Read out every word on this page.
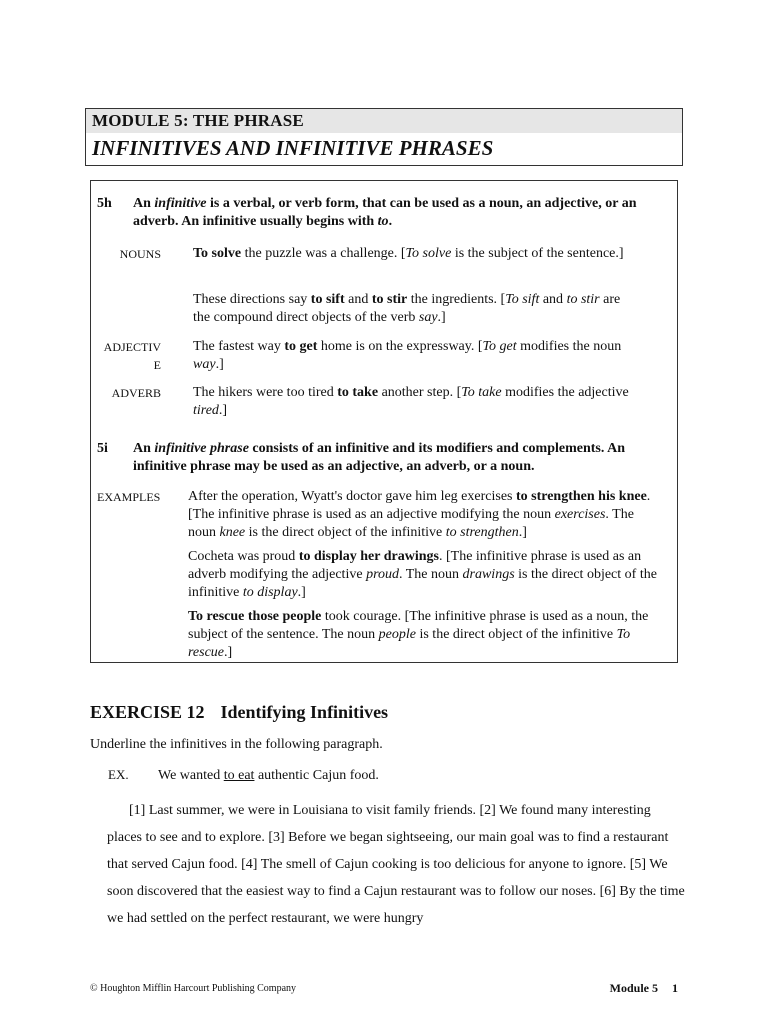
MODULE 5: THE PHRASE
INFINITIVES AND INFINITIVE PHRASES
5h An infinitive is a verbal, or verb form, that can be used as a noun, an adjective, or an adverb. An infinitive usually begins with to.
NOUNS To solve the puzzle was a challenge. [To solve is the subject of the sentence.]
These directions say to sift and to stir the ingredients. [To sift and to stir are the compound direct objects of the verb say.]
ADJECTIV
E
The fastest way to get home is on the expressway. [To get modifies the noun way.]
ADVERB The hikers were too tired to take another step. [To take modifies the adjective tired.]
5i An infinitive phrase consists of an infinitive and its modifiers and complements. An infinitive phrase may be used as an adjective, an adverb, or a noun.
EXAMPLES	After the operation, Wyatt's doctor gave him leg exercises to strengthen his knee. [The infinitive phrase is used as an adjective modifying the noun exercises. The noun knee is the direct object of the infinitive to strengthen.]
Cocheta was proud to display her drawings. [The infinitive phrase is used as an adverb modifying the adjective proud. The noun drawings is the direct object of the infinitive to display.]
To rescue those people took courage. [The infinitive phrase is used as a noun, the subject of the sentence. The noun people is the direct object of the infinitive To rescue.]
EXERCISE 12 Identifying Infinitives
Underline the infinitives in the following paragraph.
EX. We wanted to eat authentic Cajun food.
[1] Last summer, we were in Louisiana to visit family friends. [2] We found many interesting places to see and to explore. [3] Before we began sightseeing, our main goal was to find a restaurant that served Cajun food. [4] The smell of Cajun cooking is too delicious for anyone to ignore. [5] We soon discovered that the easiest way to find a Cajun restaurant was to follow our noses. [6] By the time we had settled on the perfect restaurant, we were hungry
© Houghton Mifflin Harcourt Publishing Company	Module 5 1
